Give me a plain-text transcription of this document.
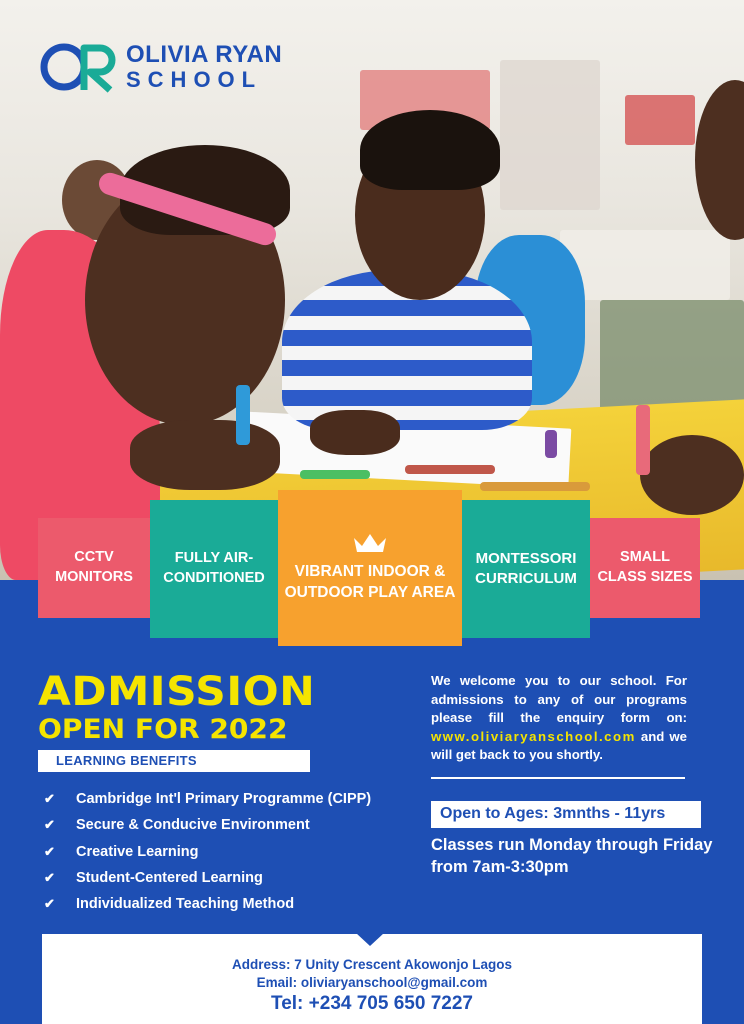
OLIVIA RYAN
SCHOOL
CCTV MONITORS
FULLY AIR-CONDITIONED	VIBRANT INDOOR & OUTDOOR PLAY AREA
MONTESSORI CURRICULUM
SMALL CLASS SIZES
ADMISSION
OPEN FOR 2022
LEARNING BENEFITS
✔ Cambridge Int'l Primary Programme (CIPP)
✔ Secure & Conducive Environment
✔ Creative Learning
✔ Student-Centered Learning
✔ Individualized Teaching Method
We welcome you to our school. For admissions to any of our programs please fill the enquiry form on: www.oliviaryanschool.com and we will get back to you shortly.
Open to Ages: 3mnths - 11yrs
Classes run Monday through Friday from 7am-3:30pm
Address: 7 Unity Crescent Akowonjo Lagos
Email: oliviaryanschool@gmail.com
Tel: +234 705 650 7227
